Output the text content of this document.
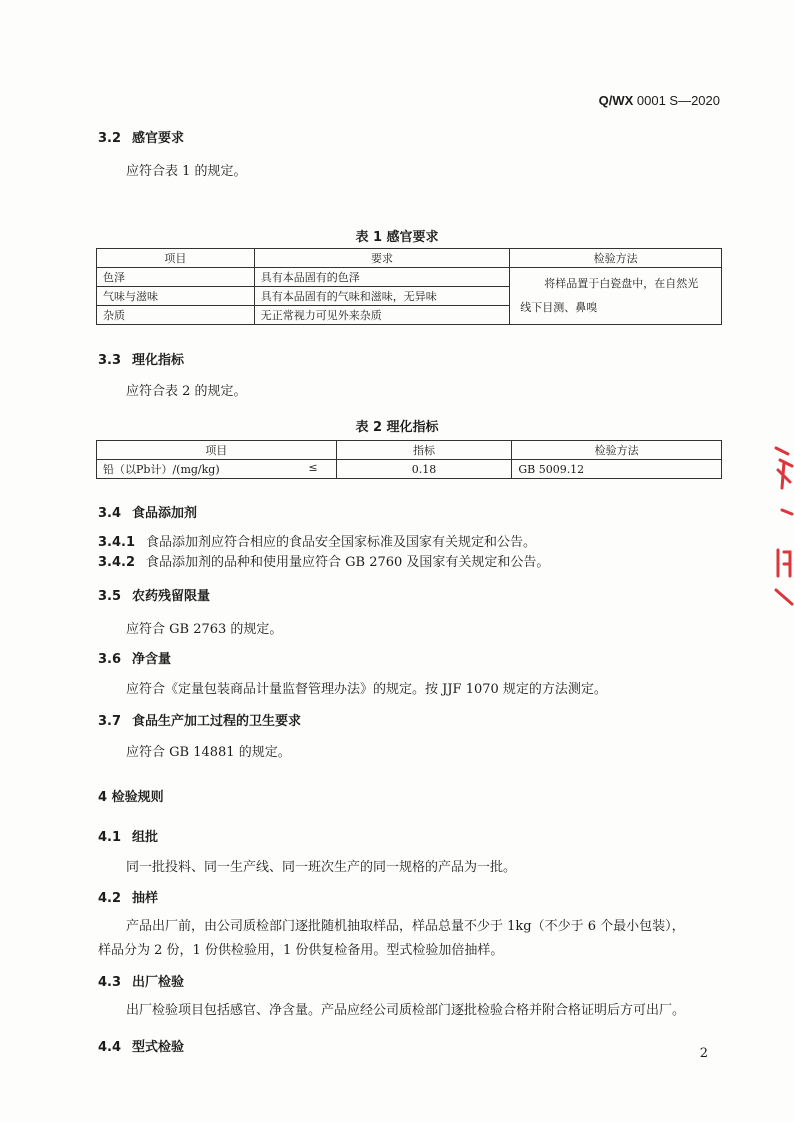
Q/WX 0001 S—2020
3.2 感官要求
应符合表 1 的规定。
表 1 感官要求
项目	要求	检验方法
色泽	具有本品固有的色泽	将样品置于白瓷盘中，在自然光
线下目测、鼻嗅

气味与滋味	具有本品固有的气味和滋味，无异味	
杂质	无正常视力可见外来杂质	
3.3 理化指标
应符合表 2 的规定。
表 2 理化指标
项目	指标	检验方法
铅（以Pb计）/(mg/kg) ≤	0.18	GB 5009.12
3.4 食品添加剂
3.4.1 食品添加剂应符合相应的食品安全国家标准及国家有关规定和公告。
3.4.2 食品添加剂的品种和使用量应符合 GB 2760 及国家有关规定和公告。
3.5 农药残留限量
应符合 GB 2763 的规定。
3.6 净含量
应符合《定量包装商品计量监督管理办法》的规定。按 JJF 1070 规定的方法测定。
3.7 食品生产加工过程的卫生要求
应符合 GB 14881 的规定。
4 检验规则
4.1 组批
同一批投料、同一生产线、同一班次生产的同一规格的产品为一批。
4.2 抽样
产品出厂前，由公司质检部门逐批随机抽取样品，样品总量不少于 1kg（不少于 6 个最小包装），
样品分为 2 份，1 份供检验用，1 份供复检备用。型式检验加倍抽样。
4.3 出厂检验
出厂检验项目包括感官、净含量。产品应经公司质检部门逐批检验合格并附合格证明后方可出厂。
4.4 型式检验	2
